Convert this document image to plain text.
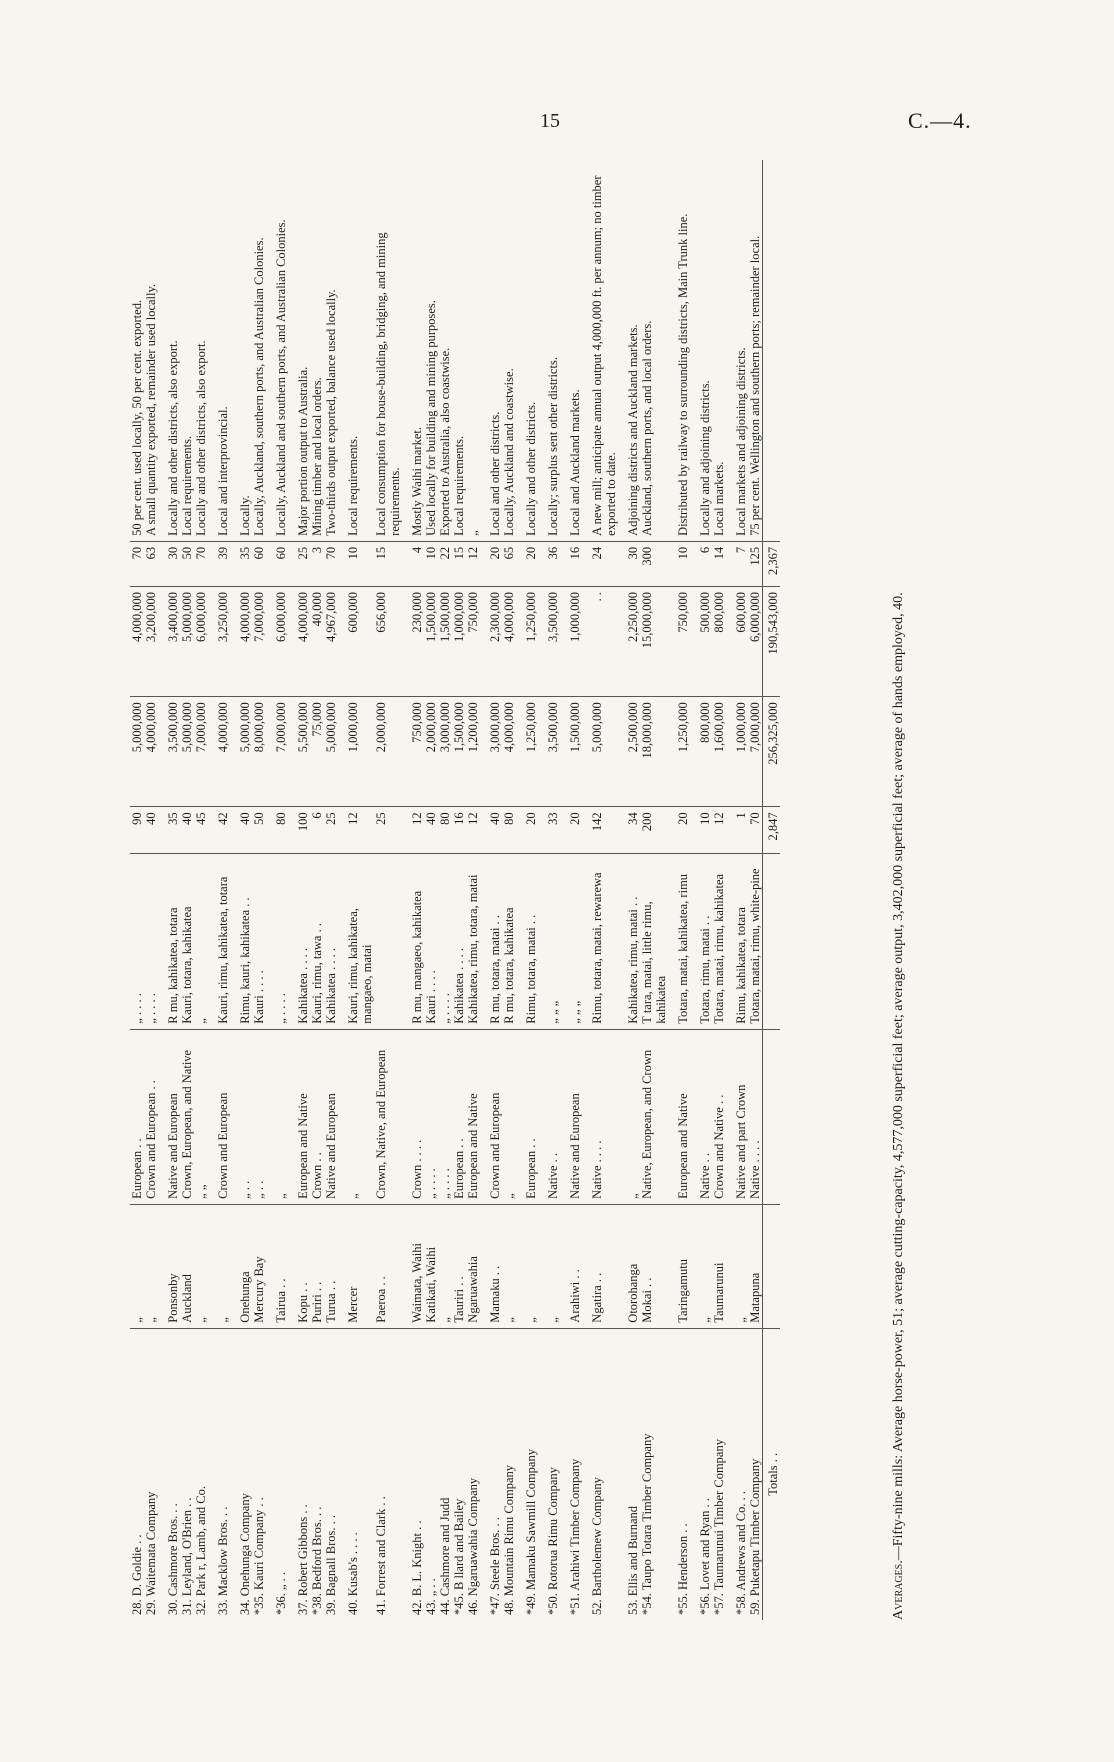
15	C.—4.
28. D. Goldie . .	„	European . .	„ . . . .	90	5,000,000	4,000,000	70	50 per cent. used locally, 50 per cent. exported.
29. Waitemata Company	„	Crown and European . .	„ . . . .	40	4,000,000	3,200,000	63	A small quantity exported, remainder used locally.
30. Cashmore Bros. . .	Ponsonby	Native and European	R mu, kahikatea, totara	35	3,500,000	3,400,000	30	Locally and other districts, also export.
31. Leyland, O'Brien . .	Auckland	Crown, European, and Native	Kauri, totara, kahikatea	40	5,000,000	5,000,000	50	Local requirements.
32. Park r, Lamb, and Co.	„	„ „	„	45	7,000,000	6,000,000	70	Locally and other districts, also export.
33. Macklow Bros. . .	„	Crown and European	Kauri, rimu, kahikatea, totara	42	4,000,000	3,250,000	39	Local and interprovincial.
34. Onehunga Company	Onehunga	„ . .	Rimu, kauri, kahikatea . .	40	5,000,000	4,000,000	35	Locally.
*35. Kauri Company . .	Mercury Bay	„ . .	Kauri . . . .	50	8,000,000	7,000,000	60	Locally, Auckland, southern ports, and Australian Colonies.
*36. „ . .	Tairua . .	„	„ . . . .	80	7,000,000	6,000,000	60	Locally, Auckland and southern ports, and Australian Colonies.
37. Robert Gibbons . .	Kopu . .	European and Native	Kahikatea . . . .	100	5,500,000	4,000,000	25	Major portion output to Australia.
*38. Bedford Bros. . .	Puriri . .	Crown . .	Kauri, rimu, tawa . .	6	75,000	40,000	3	Mining timber and local orders.
39. Bagnall Bros. . .	Turua . .	Native and European	Kahikatea . . . .	25	5,000,000	4,967,000	70	Two-thirds output exported, balance used locally.
40. Kusab's . . . .	Mercer	„	Kauri, rimu, kahikatea, mangaeo, matai	12	1,000,000	600,000	10	Local requirements.
41. Forrest and Clark . .	Paeroa . .	Crown, Native, and European		25	2,000,000	656,000	15	Local consumption for house-building, bridging, and mining requirements.
42. B. L. Knight . .	Waimata, Waihi	Crown . . . .	R mu, mangaeo, kahikatea	12	750,000	230,000	4	Mostly Waihi market.
43. „ . .	Katikati, Waihi	„ . . . .	Kauri . . . .	40	2,000,000	1,500,000	10	Used locally for building and mining purposes.
44. Cashmore and Judd	„	„ . . . .	„ . . . .	80	3,000,000	1,500,000	22	Exported to Australia, also coastwise.
*45. B llard and Bailey	Tauriri . .	European . .	Kahikatea . . . .	16	1,500,000	1,000,000	15	Local requirements.
46. Ngaruawahia Company	Ngaruawahia	European and Native	Kahikatea, rimu, totara, matai	12	1,200,000	750,000	12	„
*47. Steele Bros. . .	Mamaku . .	Crown and European	R mu, totara, matai . .	40	3,000,000	2,300,000	20	Local and other districts.
48. Mountain Rimu Company	„	„	R mu, totara, kahikatea	80	4,000,000	4,000,000	65	Locally, Auckland and coastwise.
*49. Mamaku Sawmill Company	„	European . .	Rimu, totara, matai . .	20	1,250,000	1,250,000	20	Locally and other districts.
*50. Rotorua Rimu Company	„	Native . .	„ „ „	33	3,500,000	3,500,000	36	Locally; surplus sent other districts.
*51. Arahiwi Timber Company	Arahiwi . .	Native and European	„ „ „	20	1,500,000	1,000,000	16	Local and Auckland markets.
52. Bartholemew Company	Ngatira . .	Native . . . .	Rimu, totara, matai, rewarewa	142	5,000,000	. .	24	A new mill; anticipate annual output 4,000,000 ft. per annum; no timber exported to date.
53. Ellis and Burnand	Otorohanga	„	Kahikatea, rimu, matai . .	34	2,500,000	2,250,000	30	Adjoining districts and Auckland markets.
*54. Taupo Totara Timber Company	Mokai . .	Native, European, and Crown	T tara, matai, little rimu, kahikatea	200	18,000,000	15,000,000	300	Auckland, southern ports, and local orders.
*55. Henderson . .	Taringamutu	European and Native	Totara, matai, kahikatea, rimu	20	1,250,000	750,000	10	Distributed by railway to surrounding districts, Main Trunk line.
*56. Lovet and Ryan . .	„	Native . .	Totara, rimu, matai . .	10	800,000	500,000	6	Locally and adjoining districts.
*57. Taumarunui Timber Company	Taumarunui	Crown and Native . .	Totara, matai, rimu, kahikatea	12	1,600,000	800,000	14	Local markets.
*58. Andrews and Co. . .	„	Native and part Crown	Rimu, kahikatea, totara	1	1,000,000	600,000	7	Local markets and adjoining districts.
59. Puketapu Timber Company	Matapuna	Native . . . .	Totara, matai, rimu, white-pine	70	7,000,000	6,000,000	125	75 per cent. Wellington and southern ports; remainder local.
Totals . .				2,847	256,325,000	190,543,000	2,367	
Averages.—Fifty-nine mills: Average horse-power, 51; average cutting-capacity, 4,577,000 superficial feet; average output, 3,402,000 superficial feet; average of hands employed, 40.
